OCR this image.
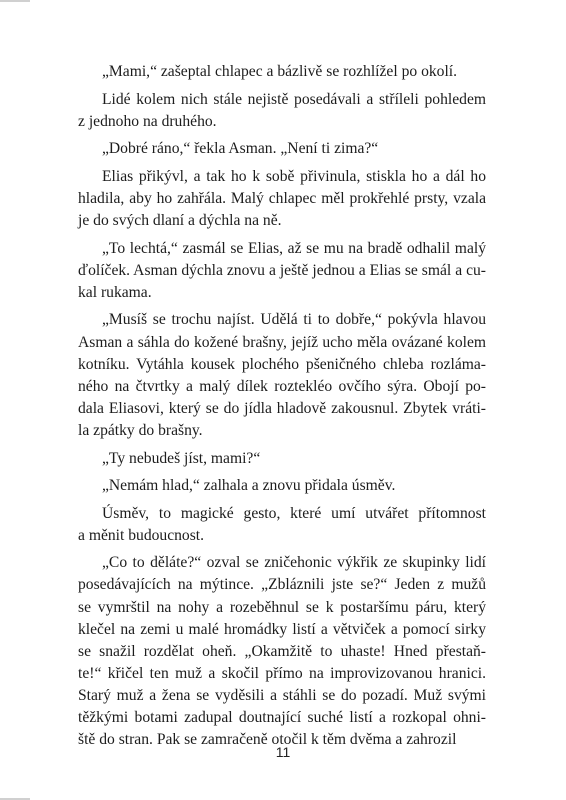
„Mami,“ zašeptal chlapec a bázlivě se rozhlížel po okolí.

Lidé kolem nich stále nejistě posedávali a stříleli pohledem
z jednoho na druhého.

„Dobré ráno,“ řekla Asman. „Není ti zima?“

Elias přikývl, a tak ho k sobě přivinula, stiskla ho a dál ho
hladila, aby ho zahřála. Malý chlapec měl prokřehlé prsty, vzala
je do svých dlaní a dýchla na ně.

„To lechtá,“ zasmál se Elias, až se mu na bradě odhalil malý
ďolíček. Asman dýchla znovu a ještě jednou a Elias se smál a cu-
kal rukama.

„Musíš se trochu najíst. Udělá ti to dobře,“ pokývla hlavou
Asman a sáhla do kožené brašny, jejíž ucho měla ovázané kolem
kotníku. Vytáhla kousek plochého pšeničného chleba rozláma-
ného na čtvrtky a malý dílek roztekléo ovčího sýra. Obojí po-
dala Eliasovi, který se do jídla hladově zakousnul. Zbytek vráti-
la zpátky do brašny.

„Ty nebudeš jíst, mami?“

„Nemám hlad,“ zalhala a znovu přidala úsměv.

Úsměv, to magické gesto, které umí utvářet přítomnost
a měnit budoucnost.

„Co to děláte?“ ozval se zničehonic výkřik ze skupinky lidí
posedávajících na mýtince. „Zbláznili jste se?“ Jeden z mužů
se vymrštil na nohy a rozeběhnul se k postaršímu páru, který
klečel na zemi u malé hromádky listí a větviček a pomocí sirky
se snažil rozdělat oheň. „Okamžitě to uhaste! Hned přestaň-
te!“ křičel ten muž a skočil přímo na improvizovanou hranici.
Starý muž a žena se vyděsili a stáhli se do pozadí. Muž svými
těžkými botami zadupal doutnající suché listí a rozkopal ohni-
ště do stran. Pak se zamračeně otočil k těm dvěma a zahrozil

11
